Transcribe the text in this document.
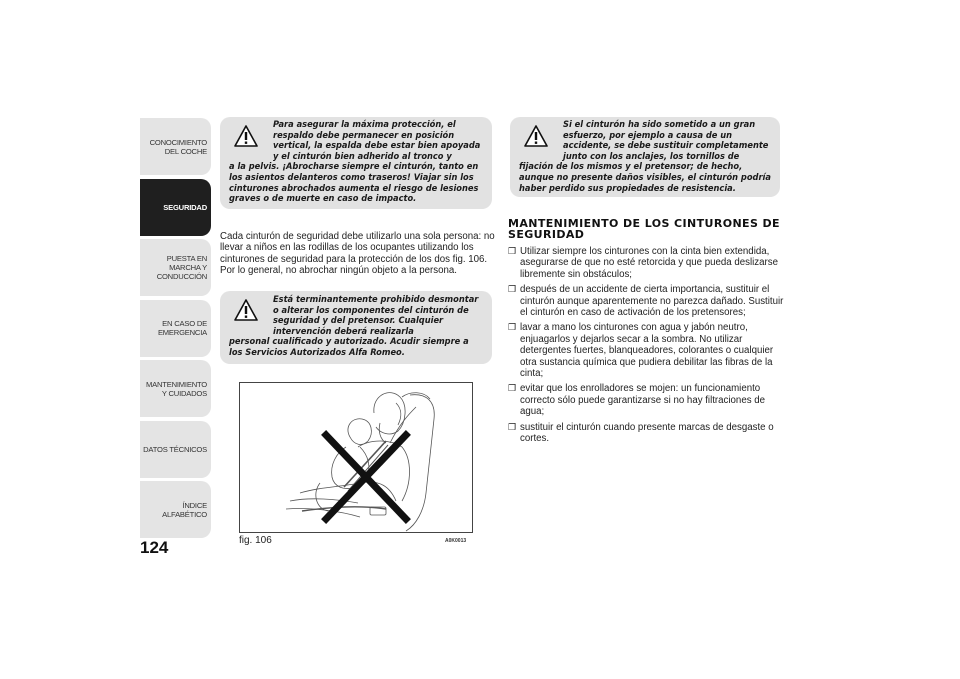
CONOCIMIENTO DEL COCHE
SEGURIDAD
PUESTA EN MARCHA Y CONDUCCIÓN
EN CASO DE EMERGENCIA
MANTENIMIENTO Y CUIDADOS
DATOS TÉCNICOS
ÍNDICE ALFABÉTICO
124
Para asegurar la máxima protección, el respaldo debe permanecer en posición vertical, la espalda debe estar bien apoyada y el cinturón bien adherido al tronco y
a la pelvis. ¡Abrocharse siempre el cinturón, tanto en los asientos delanteros como traseros! Viajar sin los cinturones abrochados aumenta el riesgo de lesiones graves o de muerte en caso de impacto.
Cada cinturón de seguridad debe utilizarlo una sola persona: no llevar a niños en las rodillas de los ocupantes utilizando los cinturones de seguridad para la protección de los dos fig. 106. Por lo general, no abrochar ningún objeto a la persona.
Está terminantemente prohibido desmontar o alterar los componentes del cinturón de seguridad y del pretensor. Cualquier intervención deberá realizarla
personal cualificado y autorizado. Acudir siempre a los Servicios Autorizados Alfa Romeo.
fig. 106	A0K0013
Si el cinturón ha sido sometido a un gran esfuerzo, por ejemplo a causa de un accidente, se debe sustituir completamente junto con los anclajes, los tornillos de
fijación de los mismos y el pretensor; de hecho, aunque no presente daños visibles, el cinturón podría haber perdido sus propiedades de resistencia.
MANTENIMIENTO DE LOS CINTURONES DE SEGURIDAD
❒ Utilizar siempre los cinturones con la cinta bien extendida, asegurarse de que no esté retorcida y que pueda deslizarse libremente sin obstáculos;
❒ después de un accidente de cierta importancia, sustituir el cinturón aunque aparentemente no parezca dañado. Sustituir el cinturón en caso de activación de los pretensores;
❒ lavar a mano los cinturones con agua y jabón neutro, enjuagarlos y dejarlos secar a la sombra. No utilizar detergentes fuertes, blanqueadores, colorantes o cualquier otra sustancia química que pudiera debilitar las fibras de la cinta;
❒ evitar que los enrolladores se mojen: un funcionamiento correcto sólo puede garantizarse si no hay filtraciones de agua;
❒ sustituir el cinturón cuando presente marcas de desgaste o cortes.
